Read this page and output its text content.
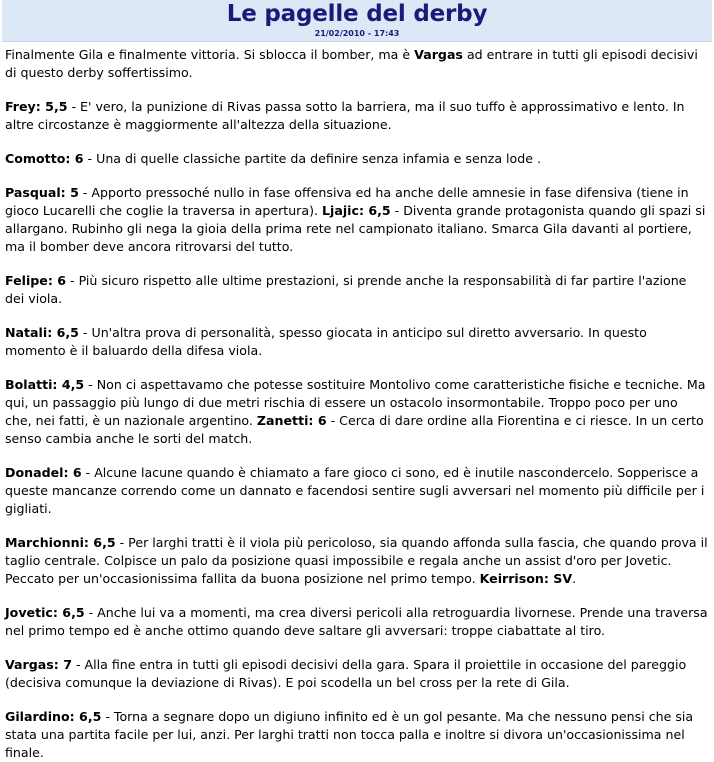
Le pagelle del derby
21/02/2010 - 17:43

Finalmente Gila e finalmente vittoria. Si sblocca il bomber, ma è Vargas ad entrare in tutti gli episodi decisivi di questo derby soffertissimo.

Frey: 5,5 - E' vero, la punizione di Rivas passa sotto la barriera, ma il suo tuffo è approssimativo e lento. In altre circostanze è maggiormente all'altezza della situazione.

Comotto: 6 - Una di quelle classiche partite da definire senza infamia e senza lode .

Pasqual: 5 - Apporto pressoché nullo in fase offensiva ed ha anche delle amnesie in fase difensiva (tiene in gioco Lucarelli che coglie la traversa in apertura). Ljajic: 6,5 - Diventa grande protagonista quando gli spazi si allargano. Rubinho gli nega la gioia della prima rete nel campionato italiano. Smarca Gila davanti al portiere, ma il bomber deve ancora ritrovarsi del tutto.

Felipe: 6 - Più sicuro rispetto alle ultime prestazioni, si prende anche la responsabilità di far partire l'azione dei viola.

Natali: 6,5 - Un'altra prova di personalità, spesso giocata in anticipo sul diretto avversario. In questo momento è il baluardo della difesa viola.

Bolatti: 4,5 - Non ci aspettavamo che potesse sostituire Montolivo come caratteristiche fisiche e tecniche. Ma qui, un passaggio più lungo di due metri rischia di essere un ostacolo insormontabile. Troppo poco per uno che, nei fatti, è un nazionale argentino. Zanetti: 6 - Cerca di dare ordine alla Fiorentina e ci riesce. In un certo senso cambia anche le sorti del match.

Donadel: 6 - Alcune lacune quando è chiamato a fare gioco ci sono, ed è inutile nascondercelo. Sopperisce a queste mancanze correndo come un dannato e facendosi sentire sugli avversari nel momento più difficile per i gigliati.

Marchionni: 6,5 - Per larghi tratti è il viola più pericoloso, sia quando affonda sulla fascia, che quando prova il taglio centrale. Colpisce un palo da posizione quasi impossibile e regala anche un assist d'oro per Jovetic. Peccato per un'occasionissima fallita da buona posizione nel primo tempo. Keirrison: SV.

Jovetic: 6,5 - Anche lui va a momenti, ma crea diversi pericoli alla retroguardia livornese. Prende una traversa nel primo tempo ed è anche ottimo quando deve saltare gli avversari: troppe ciabattate al tiro.

Vargas: 7 - Alla fine entra in tutti gli episodi decisivi della gara. Spara il proiettile in occasione del pareggio (decisiva comunque la deviazione di Rivas). E poi scodella un bel cross per la rete di Gila.

Gilardino: 6,5 - Torna a segnare dopo un digiuno infinito ed è un gol pesante. Ma che nessuno pensi che sia stata una partita facile per lui, anzi. Per larghi tratti non tocca palla e inoltre si divora un'occasionissima nel finale.
